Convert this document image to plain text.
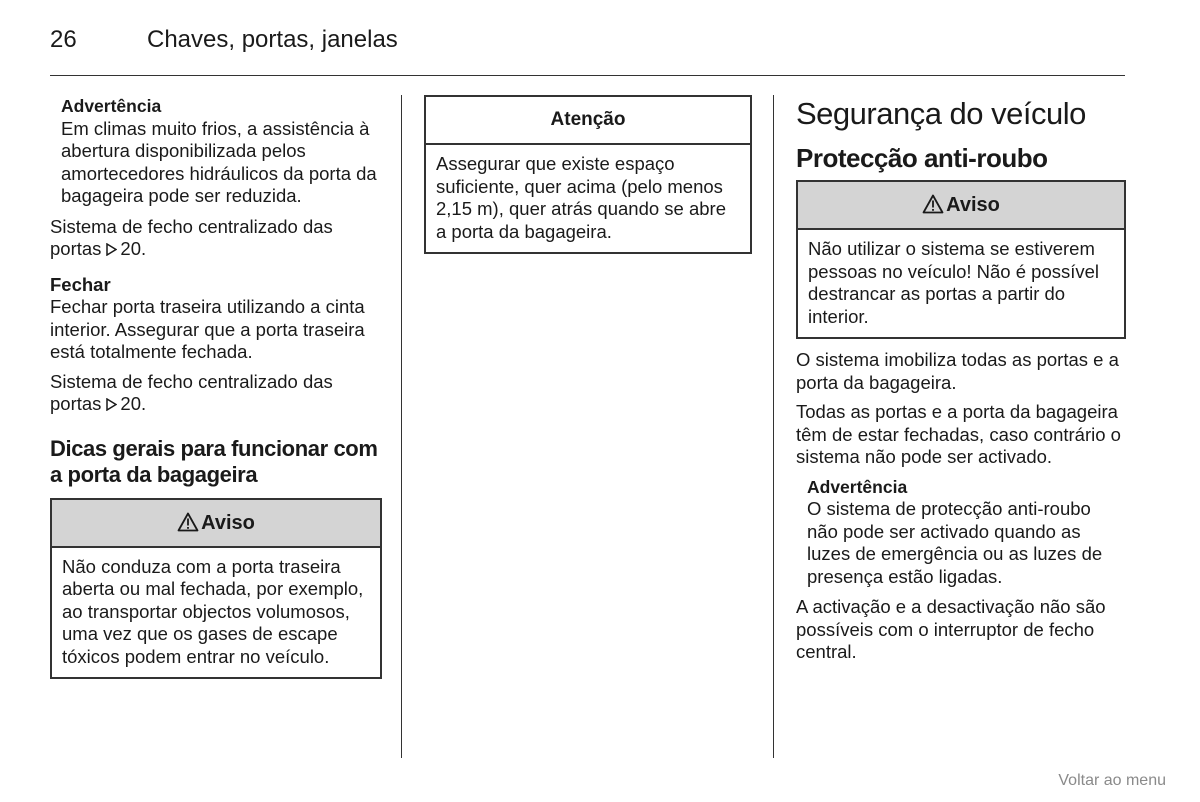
26	Chaves, portas, janelas
Advertência
Em climas muito frios, a assistência à abertura disponibilizada pelos amortecedores hidráulicos da porta da bagageira pode ser reduzida.

Sistema de fecho centralizado das portas 20.

Fechar

Fechar porta traseira utilizando a cinta interior. Assegurar que a porta traseira está totalmente fechada.

Sistema de fecho centralizado das portas 20.

Dicas gerais para funcionar com a porta da bagageira
Aviso
Não conduza com a porta traseira aberta ou mal fechada, por exemplo, ao transportar objectos volumosos, uma vez que os gases de escape tóxicos podem entrar no veículo.
Atenção
Assegurar que existe espaço suficiente, quer acima (pelo menos 2,15 m), quer atrás quando se abre a porta da bagageira.
Segurança do veículo
Protecção anti-roubo
Aviso
Não utilizar o sistema se estiverem pessoas no veículo! Não é possível destrancar as portas a partir do interior.

O sistema imobiliza todas as portas e a porta da bagageira.

Todas as portas e a porta da bagageira têm de estar fechadas, caso contrário o sistema não pode ser activado.

Advertência
O sistema de protecção anti-roubo não pode ser activado quando as luzes de emergência ou as luzes de presença estão ligadas.

A activação e a desactivação não são possíveis com o interruptor de fecho central.

Voltar ao menu
